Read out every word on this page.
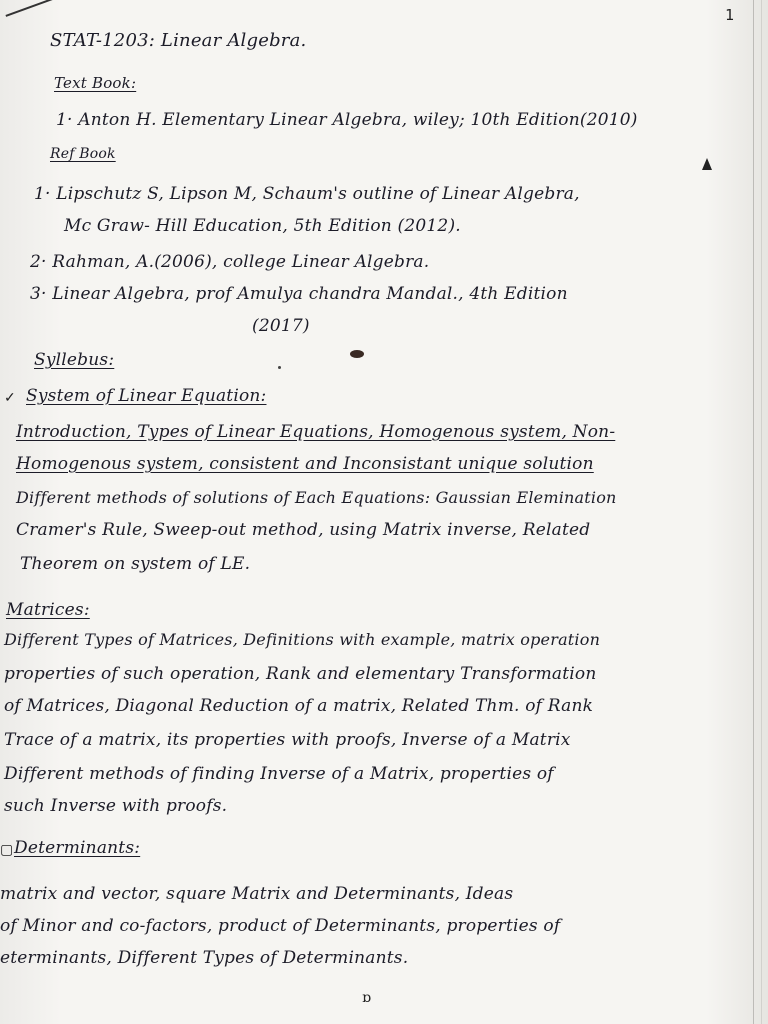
1
STAT-1203: Linear Algebra.
Text Book:
1· Anton H. Elementary Linear Algebra, wiley; 10th Edition(2010)
Ref Book
1· Lipschutz S, Lipson M, Schaum's outline of Linear Algebra,
Mc Graw- Hill Education, 5th Edition (2012).
2· Rahman, A.(2006), college Linear Algebra.
3· Linear Algebra, prof Amulya chandra Mandal., 4th Edition
(2017)
Syllebus:
✓ System of Linear Equation:
Introduction, Types of Linear Equations, Homogenous system, Non-
Homogenous system, consistent and Inconsistant unique solution
Different methods of solutions of Each Equations: Gaussian Elemination
Cramer's Rule, Sweep-out method, using Matrix inverse, Related
Theorem on system of LE.
Matrices:
Different Types of Matrices, Definitions with example, matrix operation
properties of such operation, Rank and elementary Transformation
of Matrices, Diagonal Reduction of a matrix, Related Thm. of Rank
Trace of a matrix, its properties with proofs, Inverse of a Matrix
Different methods of finding Inverse of a Matrix, properties of
such Inverse with proofs.
▢ Determinants:
matrix and vector, square Matrix and Determinants, Ideas
of Minor and co-factors, product of Determinants, properties of
eterminants, Different Types of Determinants.
ɒ
